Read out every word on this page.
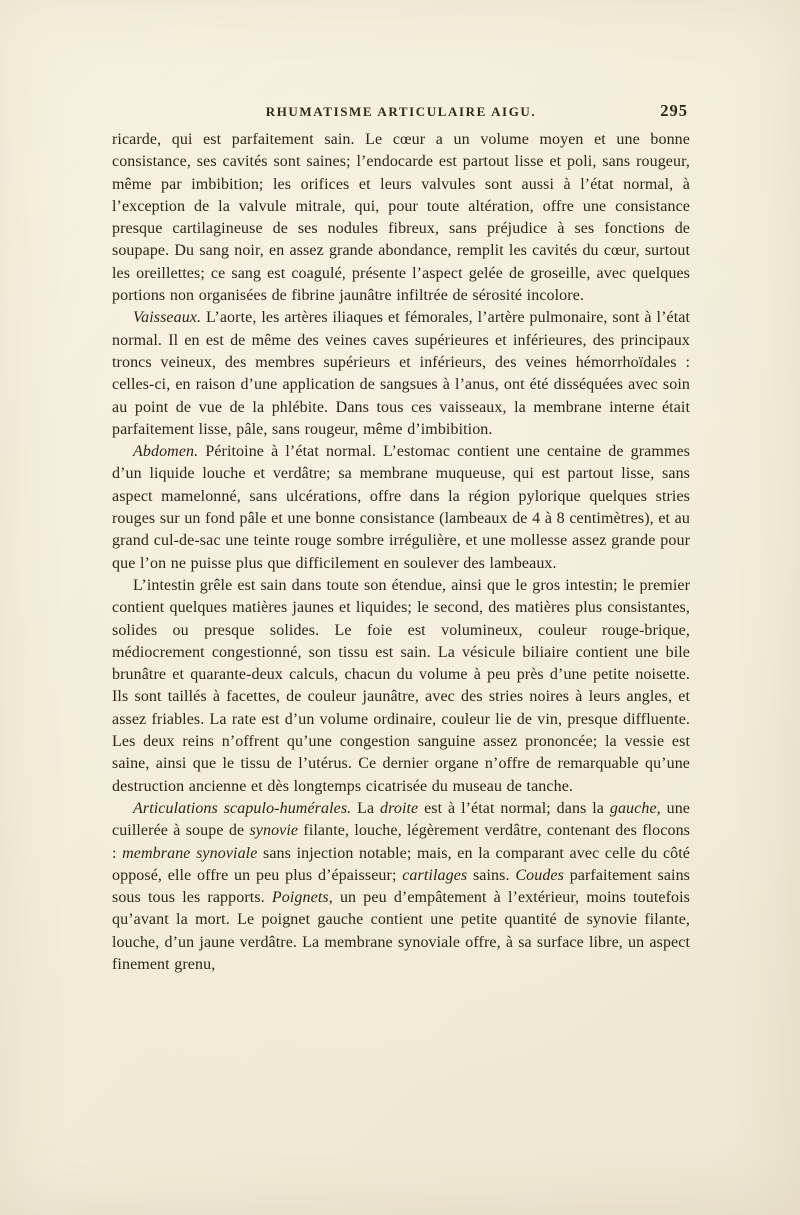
RHUMATISME ARTICULAIRE AIGU.	295

ricarde, qui est parfaitement sain. Le cœur a un volume moyen et une bonne consistance, ses cavités sont saines; l’endocarde est partout lisse et poli, sans rougeur, même par imbibition; les orifices et leurs valvules sont aussi à l’état normal, à l’exception de la valvule mitrale, qui, pour toute altération, offre une consistance presque cartilagineuse de ses nodules fibreux, sans préjudice à ses fonctions de soupape. Du sang noir, en assez grande abondance, remplit les cavités du cœur, surtout les oreillettes; ce sang est coagulé, présente l’aspect gelée de groseille, avec quelques portions non organisées de fibrine jaunâtre infiltrée de sérosité incolore.

Vaisseaux. L’aorte, les artères iliaques et fémorales, l’artère pulmonaire, sont à l’état normal. Il en est de même des veines caves supérieures et inférieures, des principaux troncs veineux, des membres supérieurs et inférieurs, des veines hémorrhoïdales : celles-ci, en raison d’une application de sangsues à l’anus, ont été disséquées avec soin au point de vue de la phlébite. Dans tous ces vaisseaux, la membrane interne était parfaitement lisse, pâle, sans rougeur, même d’imbibition.

Abdomen. Péritoine à l’état normal. L’estomac contient une centaine de grammes d’un liquide louche et verdâtre; sa membrane muqueuse, qui est partout lisse, sans aspect mamelonné, sans ulcérations, offre dans la région pylorique quelques stries rouges sur un fond pâle et une bonne consistance (lambeaux de 4 à 8 centimètres), et au grand cul-de-sac une teinte rouge sombre irrégulière, et une mollesse assez grande pour que l’on ne puisse plus que difficilement en soulever des lambeaux.

L’intestin grêle est sain dans toute son étendue, ainsi que le gros intestin; le premier contient quelques matières jaunes et liquides; le second, des matières plus consistantes, solides ou presque solides. Le foie est volumineux, couleur rouge-brique, médiocrement congestionné, son tissu est sain. La vésicule biliaire contient une bile brunâtre et quarante-deux calculs, chacun du volume à peu près d’une petite noisette. Ils sont taillés à facettes, de couleur jaunâtre, avec des stries noires à leurs angles, et assez friables. La rate est d’un volume ordinaire, couleur lie de vin, presque diffluente. Les deux reins n’offrent qu’une congestion sanguine assez prononcée; la vessie est saine, ainsi que le tissu de l’utérus. Ce dernier organe n’offre de remarquable qu’une destruction ancienne et dès longtemps cicatrisée du museau de tanche.

Articulations scapulo-humérales. La droite est à l’état normal; dans la gauche, une cuillerée à soupe de synovie filante, louche, légèrement verdâtre, contenant des flocons : membrane synoviale sans injection notable; mais, en la comparant avec celle du côté opposé, elle offre un peu plus d’épaisseur; cartilages sains. Coudes parfaitement sains sous tous les rapports. Poignets, un peu d’empâtement à l’extérieur, moins toutefois qu’avant la mort. Le poignet gauche contient une petite quantité de synovie filante, louche, d’un jaune verdâtre. La membrane synoviale offre, à sa surface libre, un aspect finement grenu,
